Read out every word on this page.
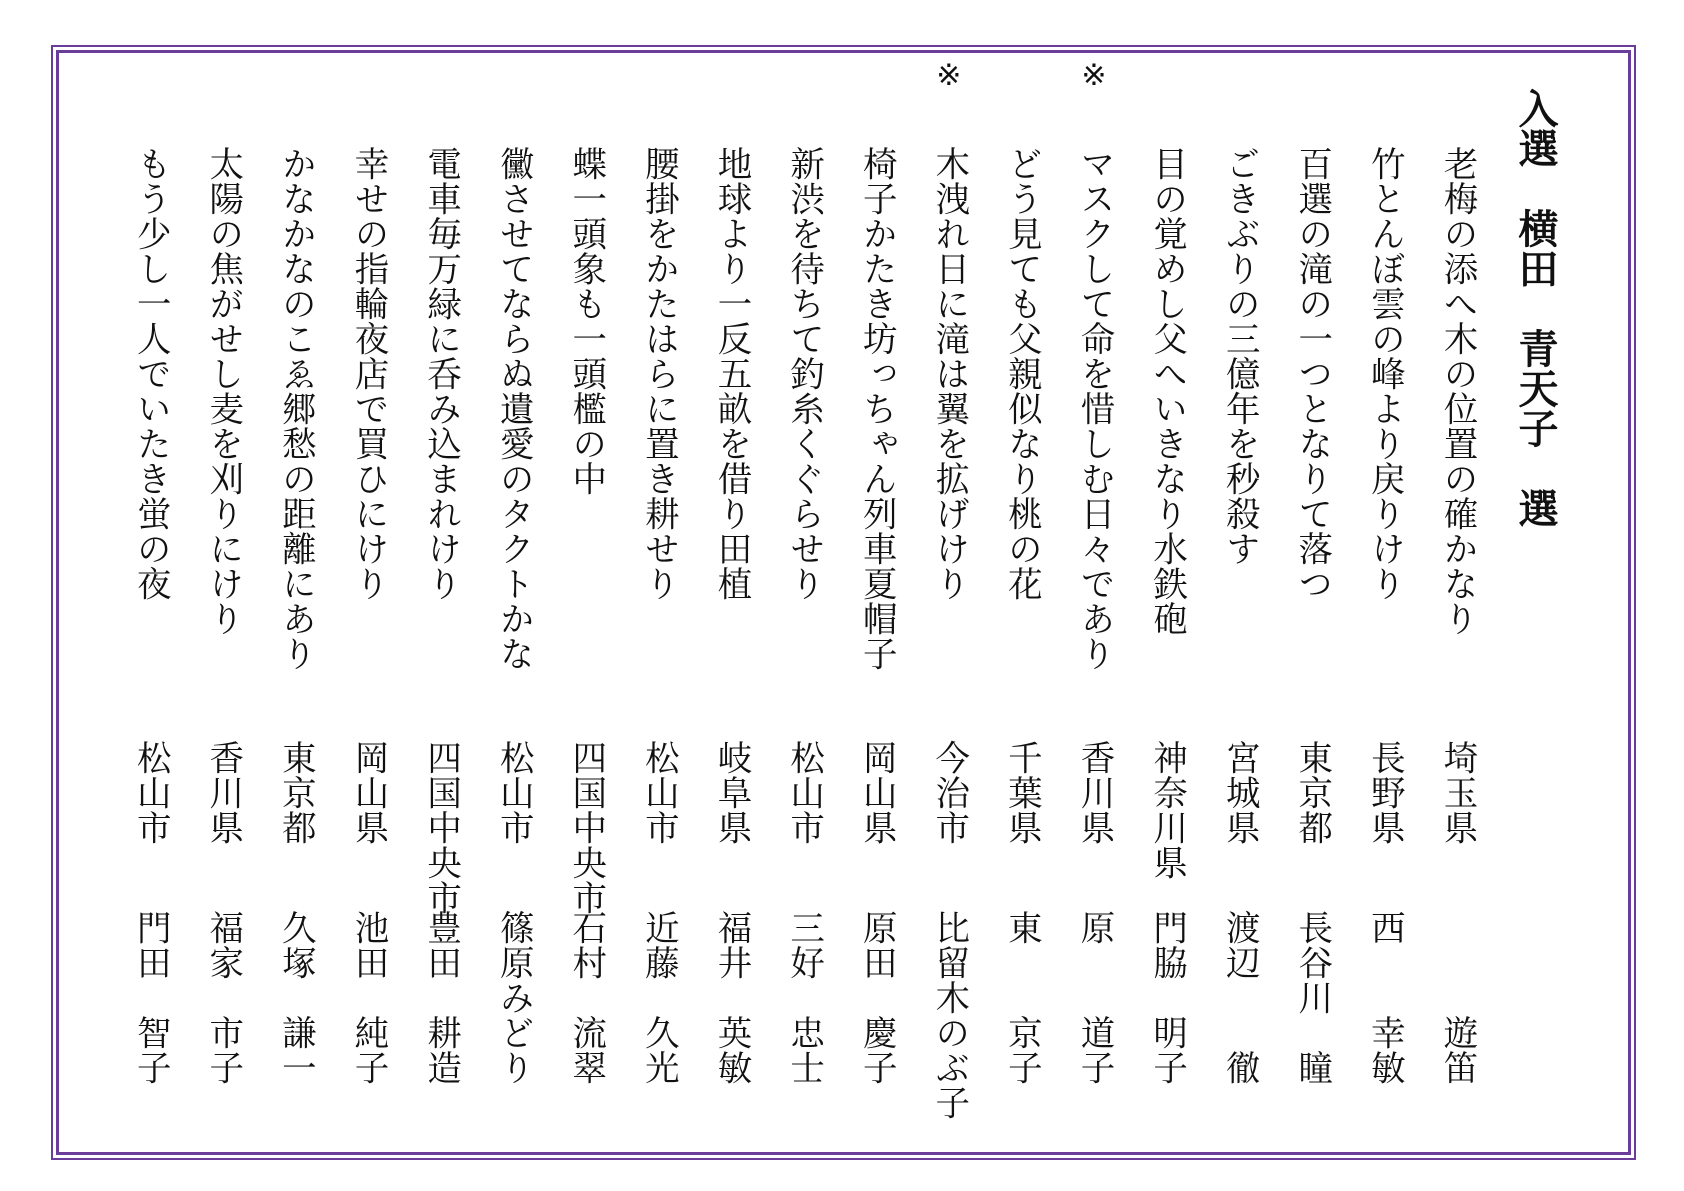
入選　横田　青天子　選
老梅の添へ木の位置の確かなり
埼玉県
　　　遊笛
竹とんぼ雲の峰より戻りけり
長野県
西　　幸敏
百選の滝の一つとなりて落つ
東京都
長谷川　瞳
ごきぶりの三億年を秒殺す
宮城県
渡辺　　徹
目の覚めし父へいきなり水鉄砲
神奈川県
門脇　明子
※
マスクして命を惜しむ日々であり
香川県
原　　道子
どう見ても父親似なり桃の花
千葉県
東　　京子
※
木洩れ日に滝は翼を拡げけり
今治市
比留木のぶ子
椅子かたき坊っちゃん列車夏帽子
岡山県
原田　慶子
新渋を待ちて釣糸くぐらせり
松山市
三好　忠士
地球より一反五畝を借り田植
岐阜県
福井　英敏
腰掛をかたはらに置き耕せり
松山市
近藤　久光
蝶一頭象も一頭檻の中
四国中央市
石村　流翠
黴させてならぬ遺愛のタクトかな
松山市
篠原みどり
電車毎万緑に呑み込まれけり
四国中央市
豊田　耕造
幸せの指輪夜店で買ひにけり
岡山県
池田　純子
かなかなのこゑ郷愁の距離にあり
東京都
久塚　謙一
太陽の焦がせし麦を刈りにけり
香川県
福家　市子
もう少し一人でいたき蛍の夜
松山市
門田　智子
